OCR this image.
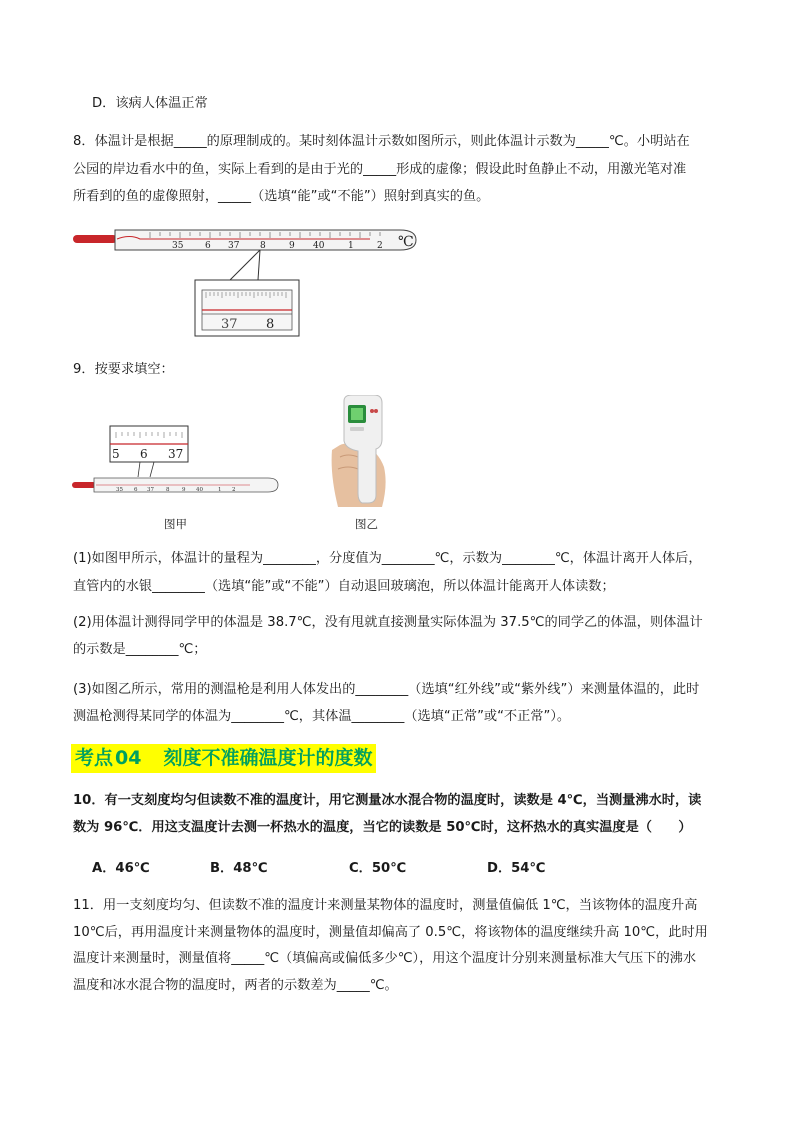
D．该病人体温正常
8．体温计是根据_____的原理制成的。某时刻体温计示数如图所示，则此体温计示数为_____℃。小明站在
公园的岸边看水中的鱼，实际上看到的是由于光的_____形成的虚像；假设此时鱼静止不动，用激光笔对准
所看到的鱼的虚像照射，_____（选填“能”或“不能”）照射到真实的鱼。
35 6 37 8	9 40	1	2 ℃
37 8
9．按要求填空：
5 6 37
35 6 37 8 9 40	1 2
图甲	图乙
(1)如图甲所示，体温计的量程为________，分度值为________℃，示数为________℃，体温计离开人体后，
直管内的水银________（选填“能”或“不能”）自动退回玻璃泡，所以体温计能离开人体读数；
(2)用体温计测得同学甲的体温是 38.7℃，没有甩就直接测量实际体温为 37.5℃的同学乙的体温，则体温计
的示数是________℃；
(3)如图乙所示，常用的测温枪是利用人体发出的________（选填“红外线”或“紫外线”）来测量体温的，此时
测温枪测得某同学的体温为________℃，其体温________（选填“正常”或“不正常”）。
考点 04 刻度不准确温度计的度数
10．有一支刻度均匀但读数不准的温度计，用它测量冰水混合物的温度时，读数是 4℃，当测量沸水时，读
数为 96℃．用这支温度计去测一杯热水的温度，当它的读数是 50℃时，这杯热水的真实温度是（　　）
A．46℃	B．48℃	C．50℃	D．54℃
11．用一支刻度均匀、但读数不准的温度计来测量某物体的温度时，测量值偏低 1℃，当该物体的温度升高
10℃后，再用温度计来测量物体的温度时，测量值却偏高了 0.5℃，将该物体的温度继续升高 10℃，此时用
温度计来测量时，测量值将_____℃（填偏高或偏低多少℃），用这个温度计分别来测量标准大气压下的沸水
温度和冰水混合物的温度时，两者的示数差为_____℃。
